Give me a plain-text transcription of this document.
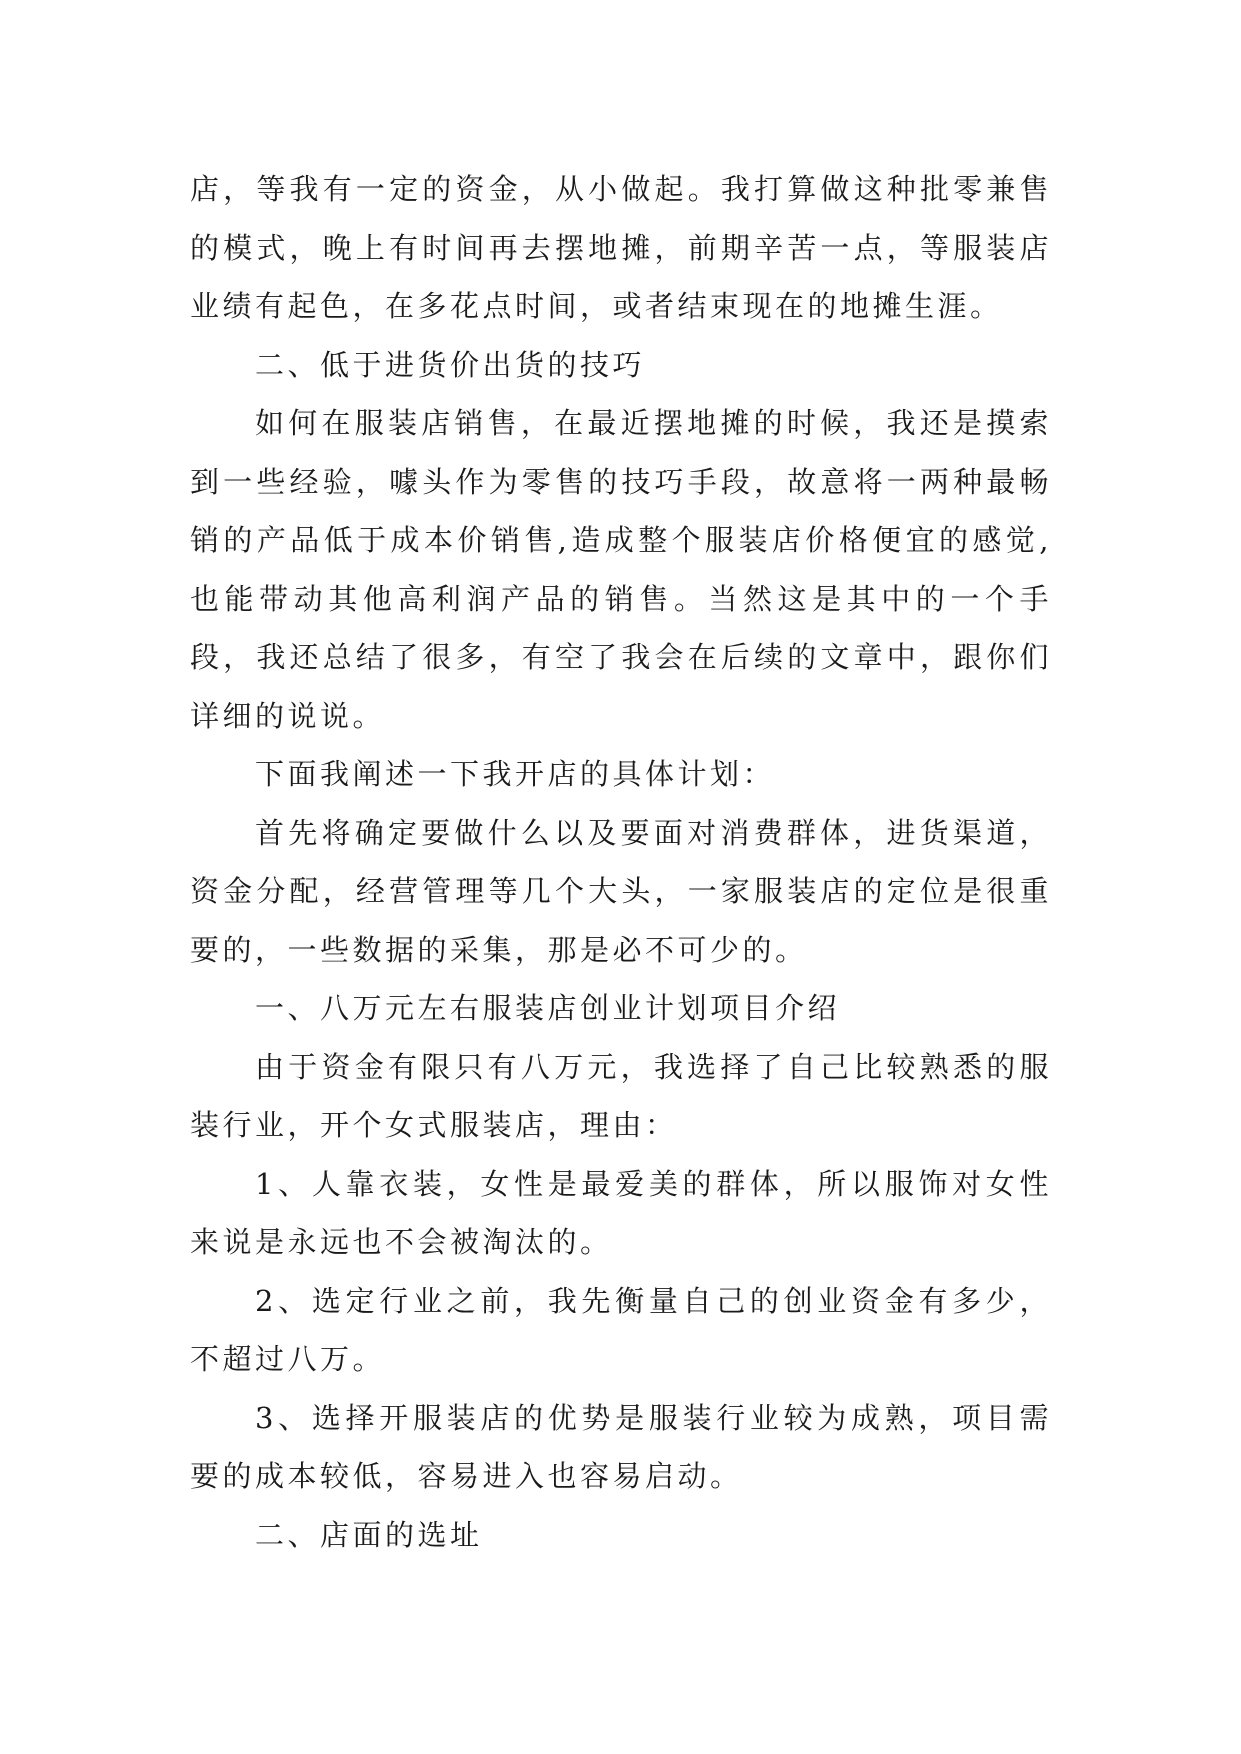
店，等我有一定的资金，从小做起。我打算做这种批零兼售的模式，晚上有时间再去摆地摊，前期辛苦一点，等服装店业绩有起色，在多花点时间，或者结束现在的地摊生涯。

二、低于进货价出货的技巧

如何在服装店销售，在最近摆地摊的时候，我还是摸索到一些经验，噱头作为零售的技巧手段，故意将一两种最畅销的产品低于成本价销售,造成整个服装店价格便宜的感觉,也能带动其他高利润产品的销售。当然这是其中的一个手段，我还总结了很多，有空了我会在后续的文章中，跟你们详细的说说。

下面我阐述一下我开店的具体计划：

首先将确定要做什么以及要面对消费群体，进货渠道，资金分配，经营管理等几个大头，一家服装店的定位是很重要的，一些数据的采集，那是必不可少的。

一、八万元左右服装店创业计划项目介绍

由于资金有限只有八万元，我选择了自己比较熟悉的服装行业，开个女式服装店，理由：

1、人靠衣装，女性是最爱美的群体，所以服饰对女性来说是永远也不会被淘汰的。

2、选定行业之前，我先衡量自己的创业资金有多少，不超过八万。

3、选择开服装店的优势是服装行业较为成熟，项目需要的成本较低，容易进入也容易启动。

二、店面的选址
